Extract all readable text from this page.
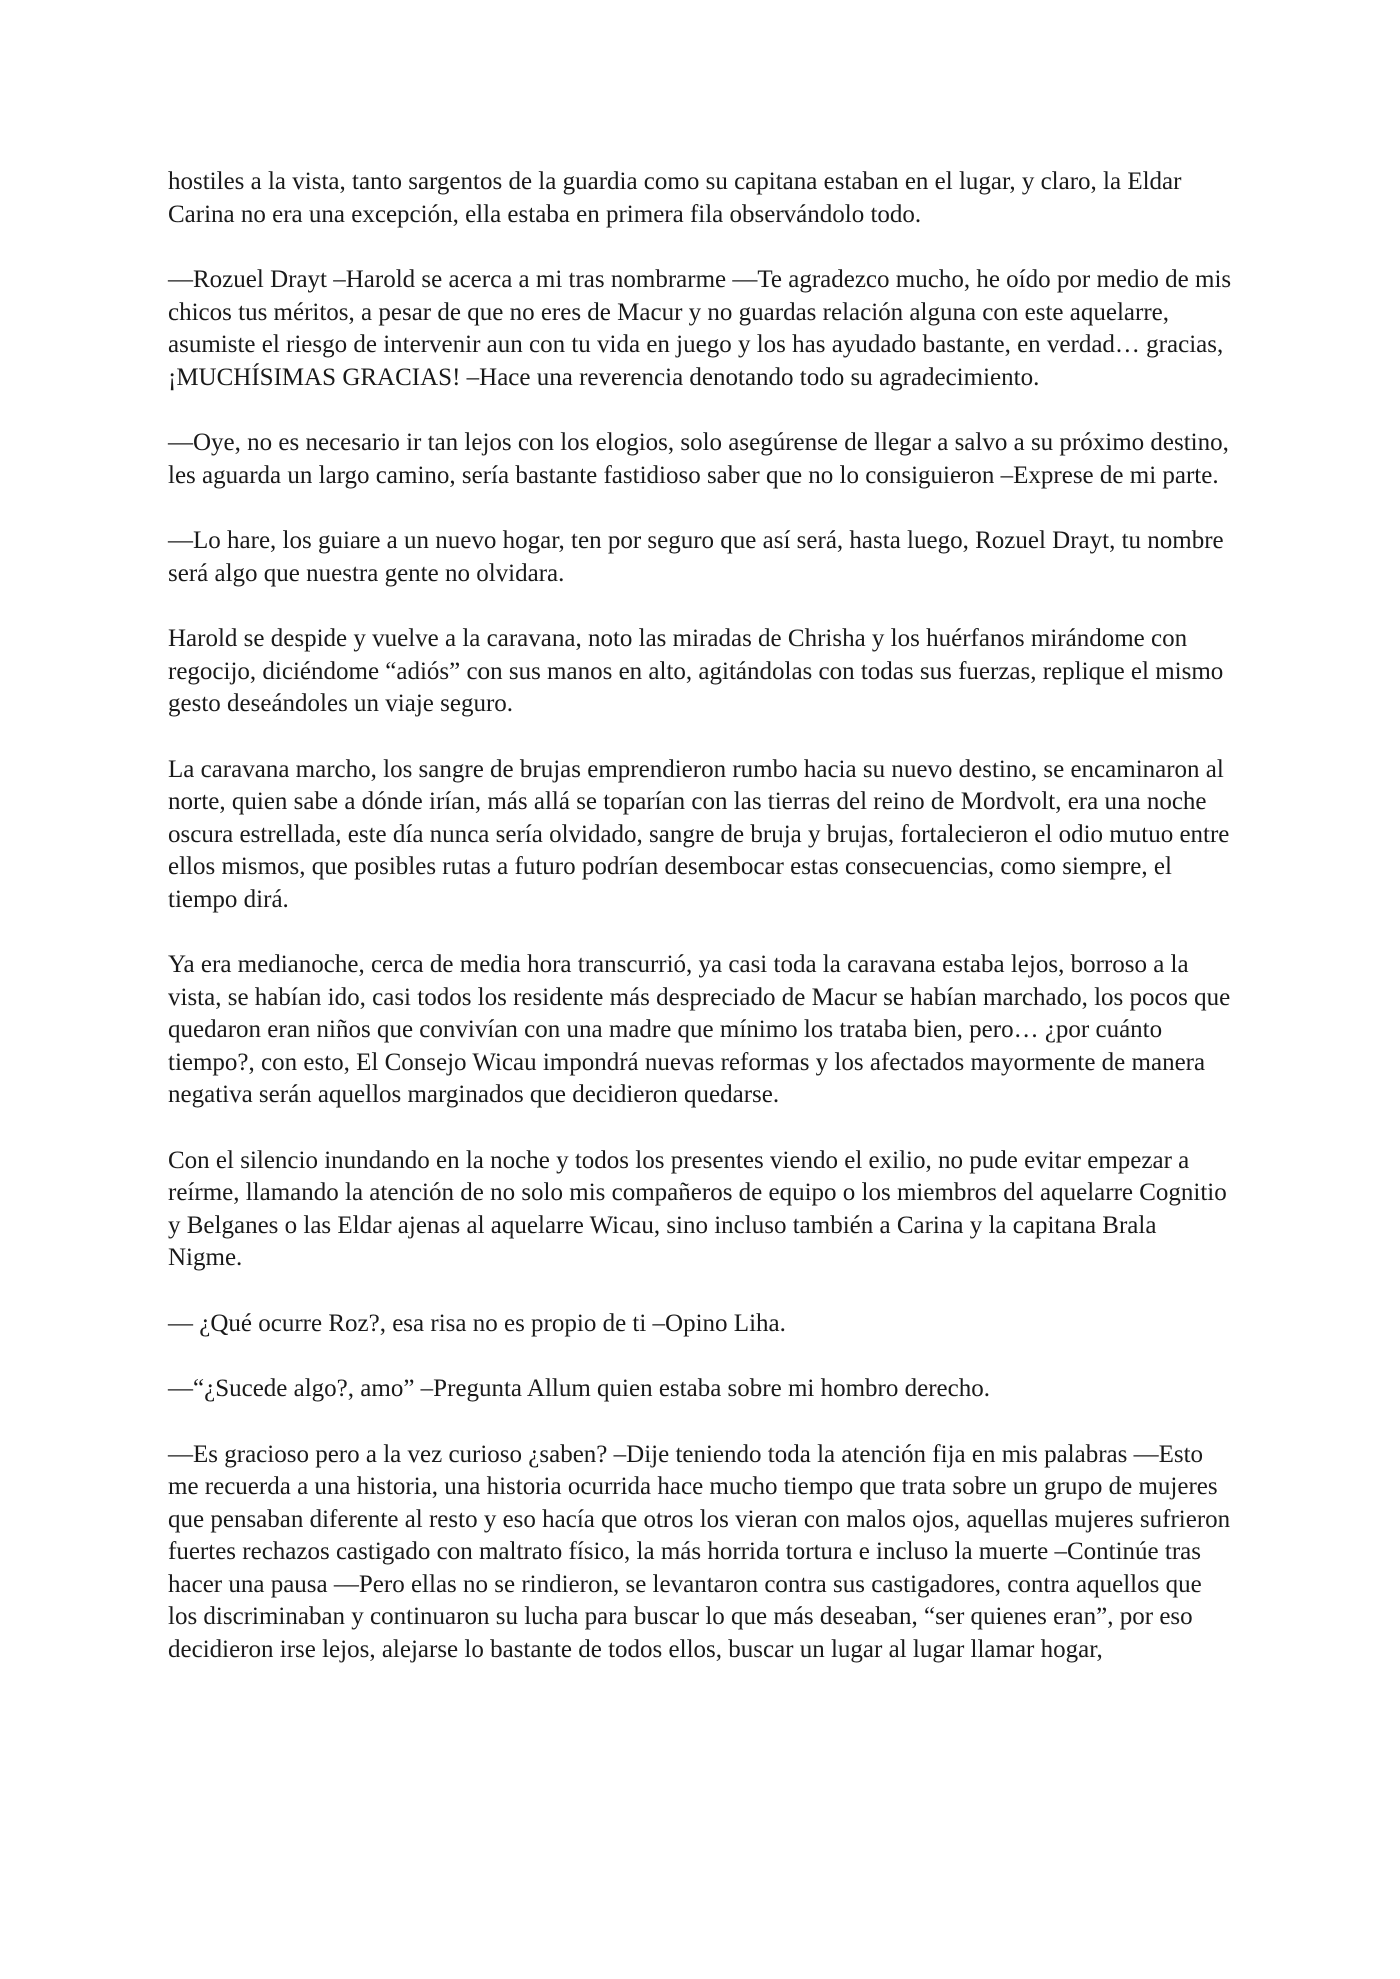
hostiles a la vista, tanto sargentos de la guardia como su capitana estaban en el lugar, y claro, la Eldar Carina no era una excepción, ella estaba en primera fila observándolo todo.

—Rozuel Drayt –Harold se acerca a mi tras nombrarme —Te agradezco mucho, he oído por medio de mis chicos tus méritos, a pesar de que no eres de Macur y no guardas relación alguna con este aquelarre, asumiste el riesgo de intervenir aun con tu vida en juego y los has ayudado bastante, en verdad… gracias, ¡MUCHÍSIMAS GRACIAS! –Hace una reverencia denotando todo su agradecimiento.

—Oye, no es necesario ir tan lejos con los elogios, solo asegúrense de llegar a salvo a su próximo destino, les aguarda un largo camino, sería bastante fastidioso saber que no lo consiguieron –Exprese de mi parte.

—Lo hare, los guiare a un nuevo hogar, ten por seguro que así será, hasta luego, Rozuel Drayt, tu nombre será algo que nuestra gente no olvidara.

Harold se despide y vuelve a la caravana, noto las miradas de Chrisha y los huérfanos mirándome con regocijo, diciéndome “adiós” con sus manos en alto, agitándolas con todas sus fuerzas, replique el mismo gesto deseándoles un viaje seguro.

La caravana marcho, los sangre de brujas emprendieron rumbo hacia su nuevo destino, se encaminaron al norte, quien sabe a dónde irían, más allá se toparían con las tierras del reino de Mordvolt, era una noche oscura estrellada, este día nunca sería olvidado, sangre de bruja y brujas, fortalecieron el odio mutuo entre ellos mismos, que posibles rutas a futuro podrían desembocar estas consecuencias, como siempre, el tiempo dirá.

Ya era medianoche, cerca de media hora transcurrió, ya casi toda la caravana estaba lejos, borroso a la vista, se habían ido, casi todos los residente más despreciado de Macur se habían marchado, los pocos que quedaron eran niños que convivían con una madre que mínimo los trataba bien, pero… ¿por cuánto tiempo?, con esto, El Consejo Wicau impondrá nuevas reformas y los afectados mayormente de manera negativa serán aquellos marginados que decidieron quedarse.

Con el silencio inundando en la noche y todos los presentes viendo el exilio, no pude evitar empezar a reírme, llamando la atención de no solo mis compañeros de equipo o los miembros del aquelarre Cognitio y Belganes o las Eldar ajenas al aquelarre Wicau, sino incluso también a Carina y la capitana Brala Nigme.

— ¿Qué ocurre Roz?, esa risa no es propio de ti –Opino Liha.

—“¿Sucede algo?, amo” –Pregunta Allum quien estaba sobre mi hombro derecho.

—Es gracioso pero a la vez curioso ¿saben? –Dije teniendo toda la atención fija en mis palabras —Esto me recuerda a una historia, una historia ocurrida hace mucho tiempo que trata sobre un grupo de mujeres que pensaban diferente al resto y eso hacía que otros los vieran con malos ojos, aquellas mujeres sufrieron fuertes rechazos castigado con maltrato físico, la más horrida tortura e incluso la muerte –Continúe tras hacer una pausa —Pero ellas no se rindieron, se levantaron contra sus castigadores, contra aquellos que los discriminaban y continuaron su lucha para buscar lo que más deseaban, “ser quienes eran”, por eso decidieron irse lejos, alejarse lo bastante de todos ellos, buscar un lugar al lugar llamar hogar,
